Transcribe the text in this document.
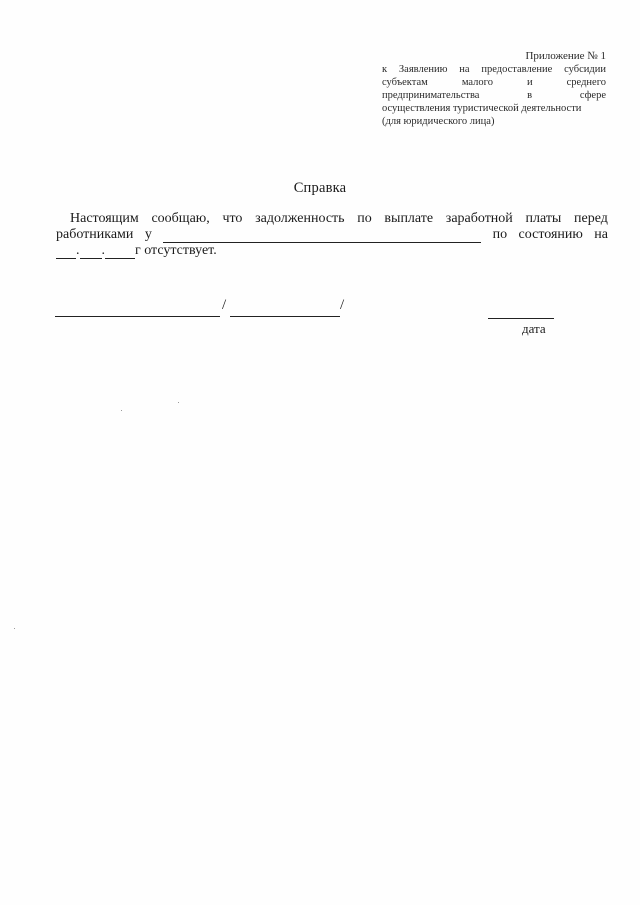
Приложение № 1
к Заявлению на предоставление субсидии
субъектам	малого	и	среднего
предпринимательства	в	сфере
осуществления туристической деятельности
(для юридического лица)
Справка
Настоящим сообщаю, что задолженность по выплате заработной платы перед
работниками у	по состоянию на
. . г отсутствует.
/	/
дата
